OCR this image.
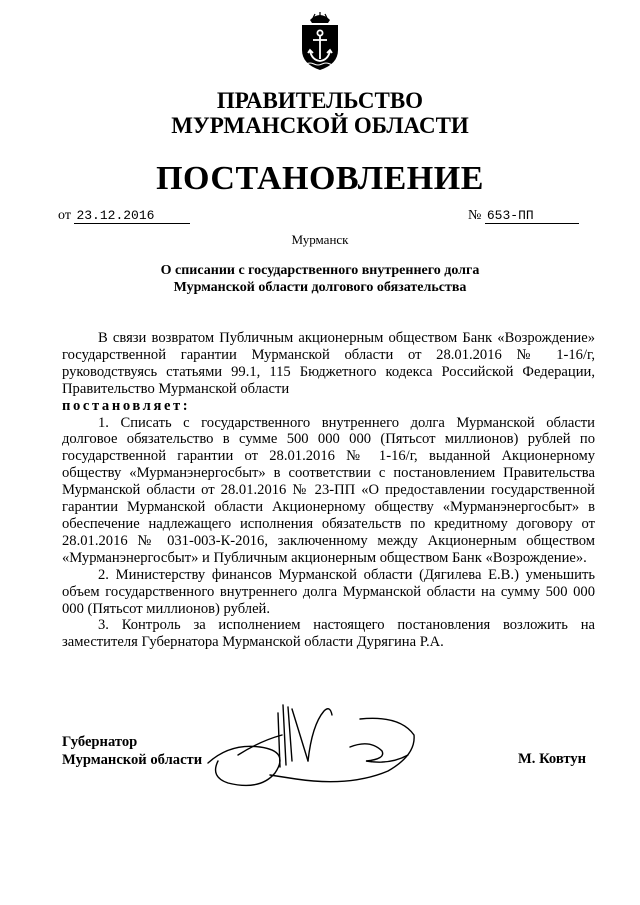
ПРАВИТЕЛЬСТВО
МУРМАНСКОЙ ОБЛАСТИ
ПОСТАНОВЛЕНИЕ
от 23.12.2016	№ 653-ПП
Мурманск
О списании с государственного внутреннего долга
Мурманской области долгового обязательства

В связи возвратом Публичным акционерным обществом Банк «Возрождение» государственной гарантии Мурманской области от 28.01.2016 № 1-16/г, руководствуясь статьями 99.1, 115 Бюджетного кодекса Российской Федерации, Правительство Мурманской области

постановляет:

1. Списать с государственного внутреннего долга Мурманской области долговое обязательство в сумме 500 000 000 (Пятьсот миллионов) рублей по государственной гарантии от 28.01.2016 № 1-16/г, выданной Акционерному обществу «Мурманэнергосбыт» в соответствии с постановлением Правительства Мурманской области от 28.01.2016 № 23-ПП «О предоставлении государственной гарантии Мурманской области Акционерному обществу «Мурманэнергосбыт» в обеспечение надлежащего исполнения обязательств по кредитному договору от 28.01.2016 № 031-003-К-2016, заключенному между Акционерным обществом «Мурманэнергосбыт» и Публичным акционерным обществом Банк «Возрождение».

2. Министерству финансов Мурманской области (Дягилева Е.В.) уменьшить объем государственного внутреннего долга Мурманской области на сумму 500 000 000 (Пятьсот миллионов) рублей.

3. Контроль за исполнением настоящего постановления возложить на заместителя Губернатора Мурманской области Дурягина Р.А.

Губернатор
Мурманской области	М. Ковтун
